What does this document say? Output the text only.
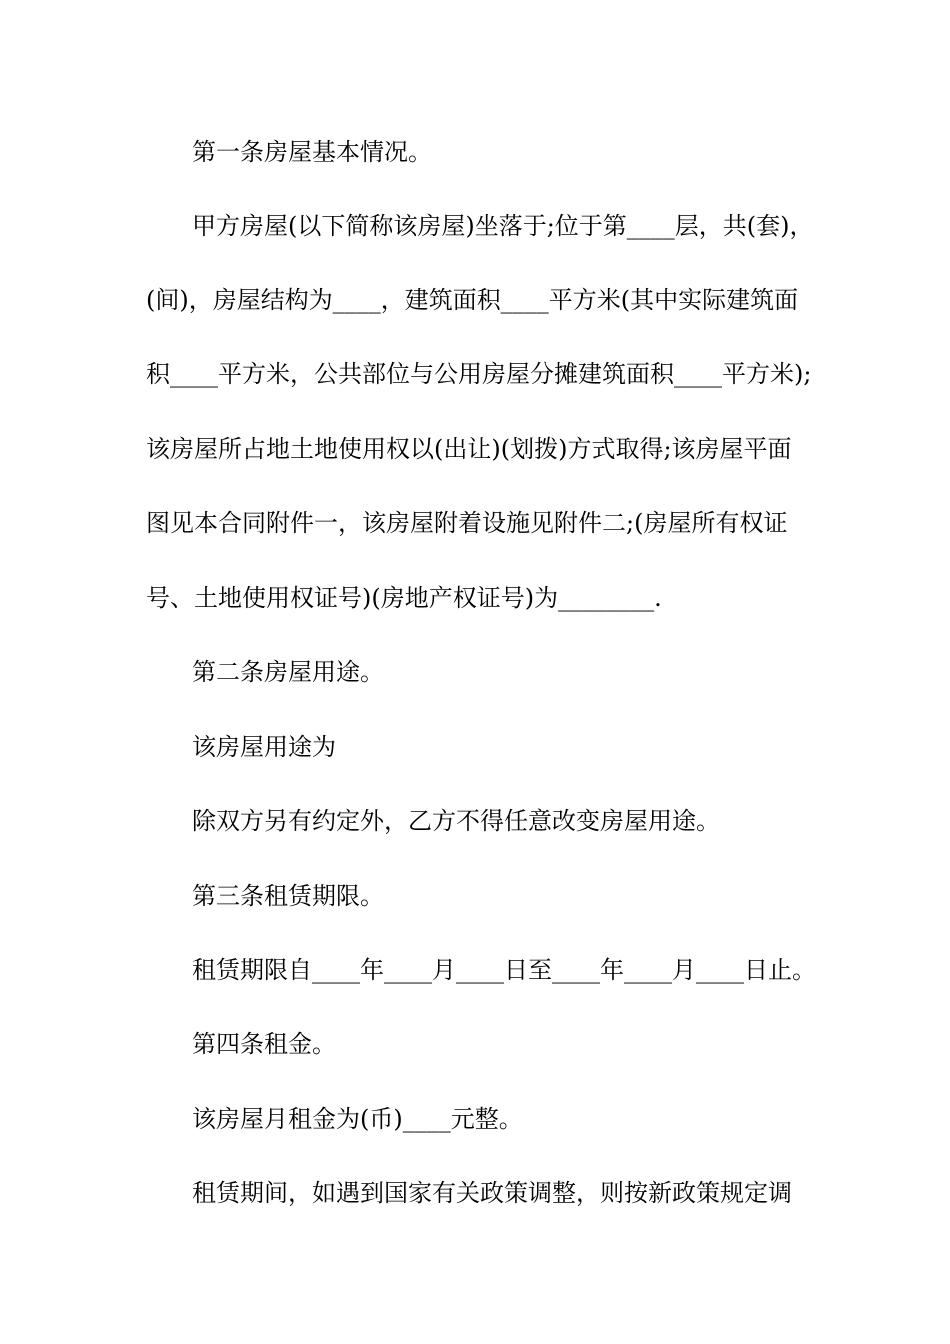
第一条房屋基本情况。
甲方房屋(以下简称该房屋)坐落于;位于第____层，共(套)，
(间)，房屋结构为____，建筑面积____平方米(其中实际建筑面
积____平方米，公共部位与公用房屋分摊建筑面积____平方米);
该房屋所占地土地使用权以(出让)(划拨)方式取得;该房屋平面
图见本合同附件一，该房屋附着设施见附件二;(房屋所有权证
号、土地使用权证号)(房地产权证号)为________.
第二条房屋用途。
该房屋用途为
除双方另有约定外，乙方不得任意改变房屋用途。
第三条租赁期限。
租赁期限自____年____月____日至____年____月____日止。
第四条租金。
该房屋月租金为(币)____元整。
租赁期间，如遇到国家有关政策调整，则按新政策规定调
